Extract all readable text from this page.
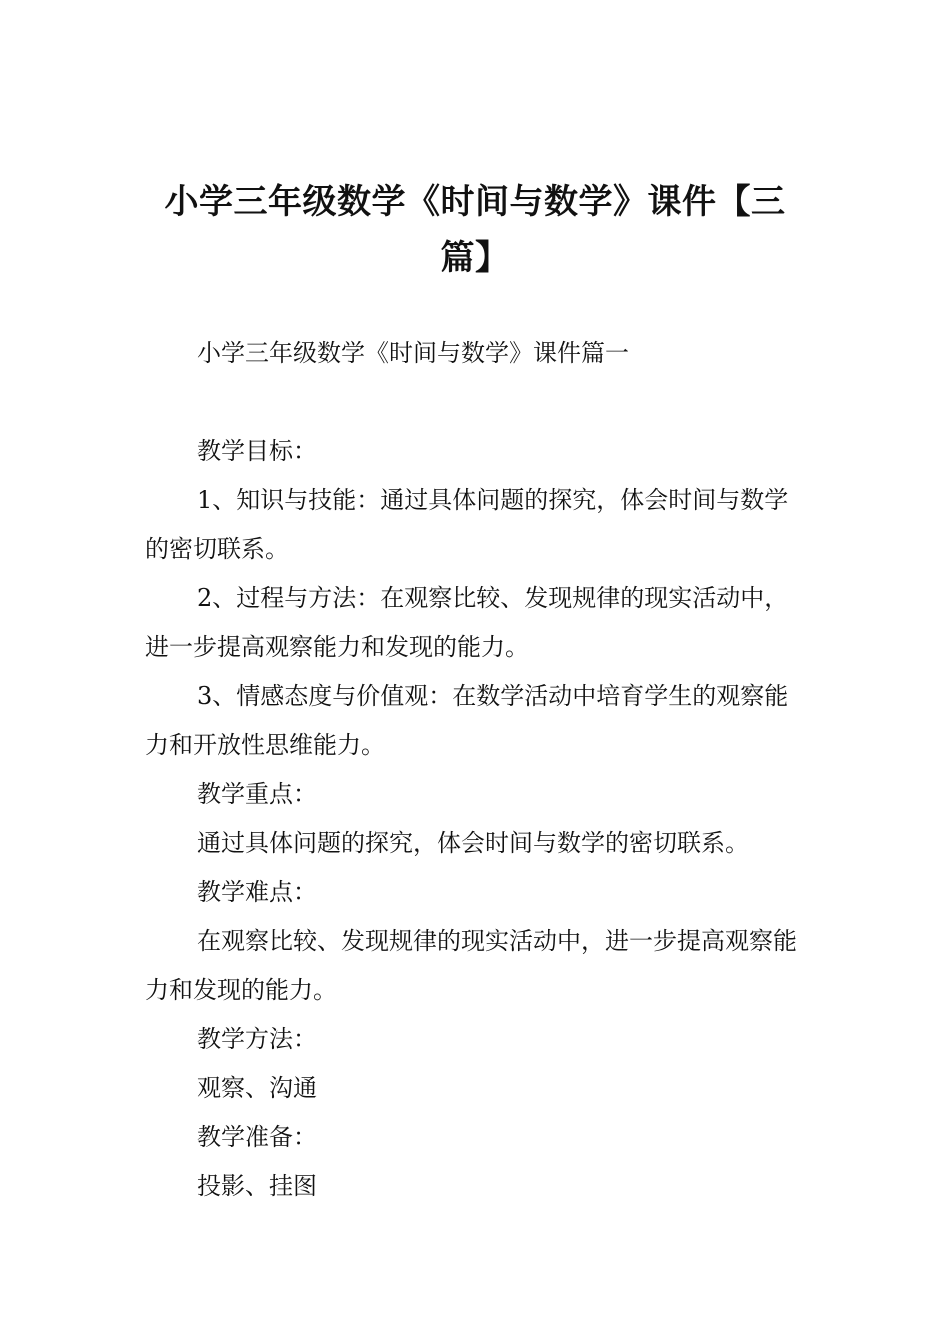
小学三年级数学《时间与数学》课件【三篇】

小学三年级数学《时间与数学》课件篇一

教学目标：

1、知识与技能：通过具体问题的探究，体会时间与数学的密切联系。

2、过程与方法：在观察比较、发现规律的现实活动中，进一步提高观察能力和发现的能力。

3、情感态度与价值观：在数学活动中培育学生的观察能力和开放性思维能力。

教学重点：

通过具体问题的探究，体会时间与数学的密切联系。

教学难点：

在观察比较、发现规律的现实活动中，进一步提高观察能力和发现的能力。

教学方法：

观察、沟通

教学准备：

投影、挂图
